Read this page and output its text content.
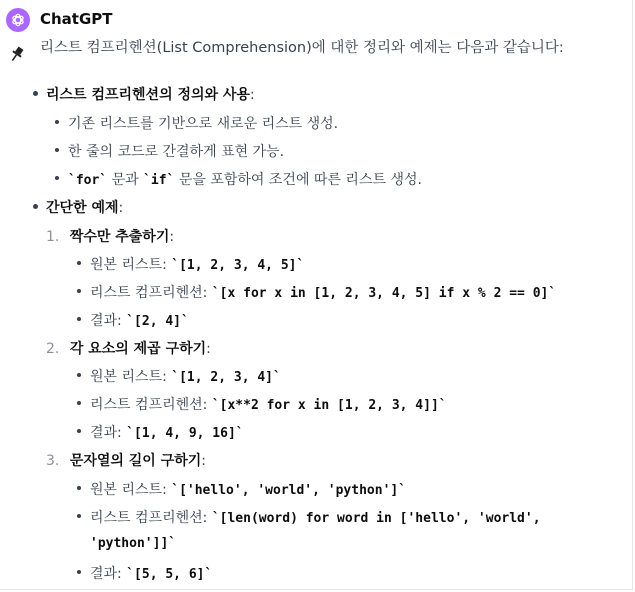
ChatGPT
리스트 컴프리헨션(List Comprehension)에 대한 정리와 예제는 다음과 같습니다:
리스트 컴프리헨션의 정의와 사용:
기존 리스트를 기반으로 새로운 리스트 생성.
한 줄의 코드로 간결하게 표현 가능.
`for` 문과 `if` 문을 포함하여 조건에 따른 리스트 생성.
간단한 예제:
1. 짝수만 추출하기:
원본 리스트: `[1, 2, 3, 4, 5]`
리스트 컴프리헨션: `[x for x in [1, 2, 3, 4, 5] if x % 2 == 0]`
결과: `[2, 4]`
2. 각 요소의 제곱 구하기:
원본 리스트: `[1, 2, 3, 4]`
리스트 컴프리헨션: `[x**2 for x in [1, 2, 3, 4]]`
결과: `[1, 4, 9, 16]`
3. 문자열의 길이 구하기:
원본 리스트: `['hello', 'world', 'python']`
리스트 컴프리헨션: `[len(word) for word in ['hello', 'world',
'python']]`
결과: `[5, 5, 6]`
